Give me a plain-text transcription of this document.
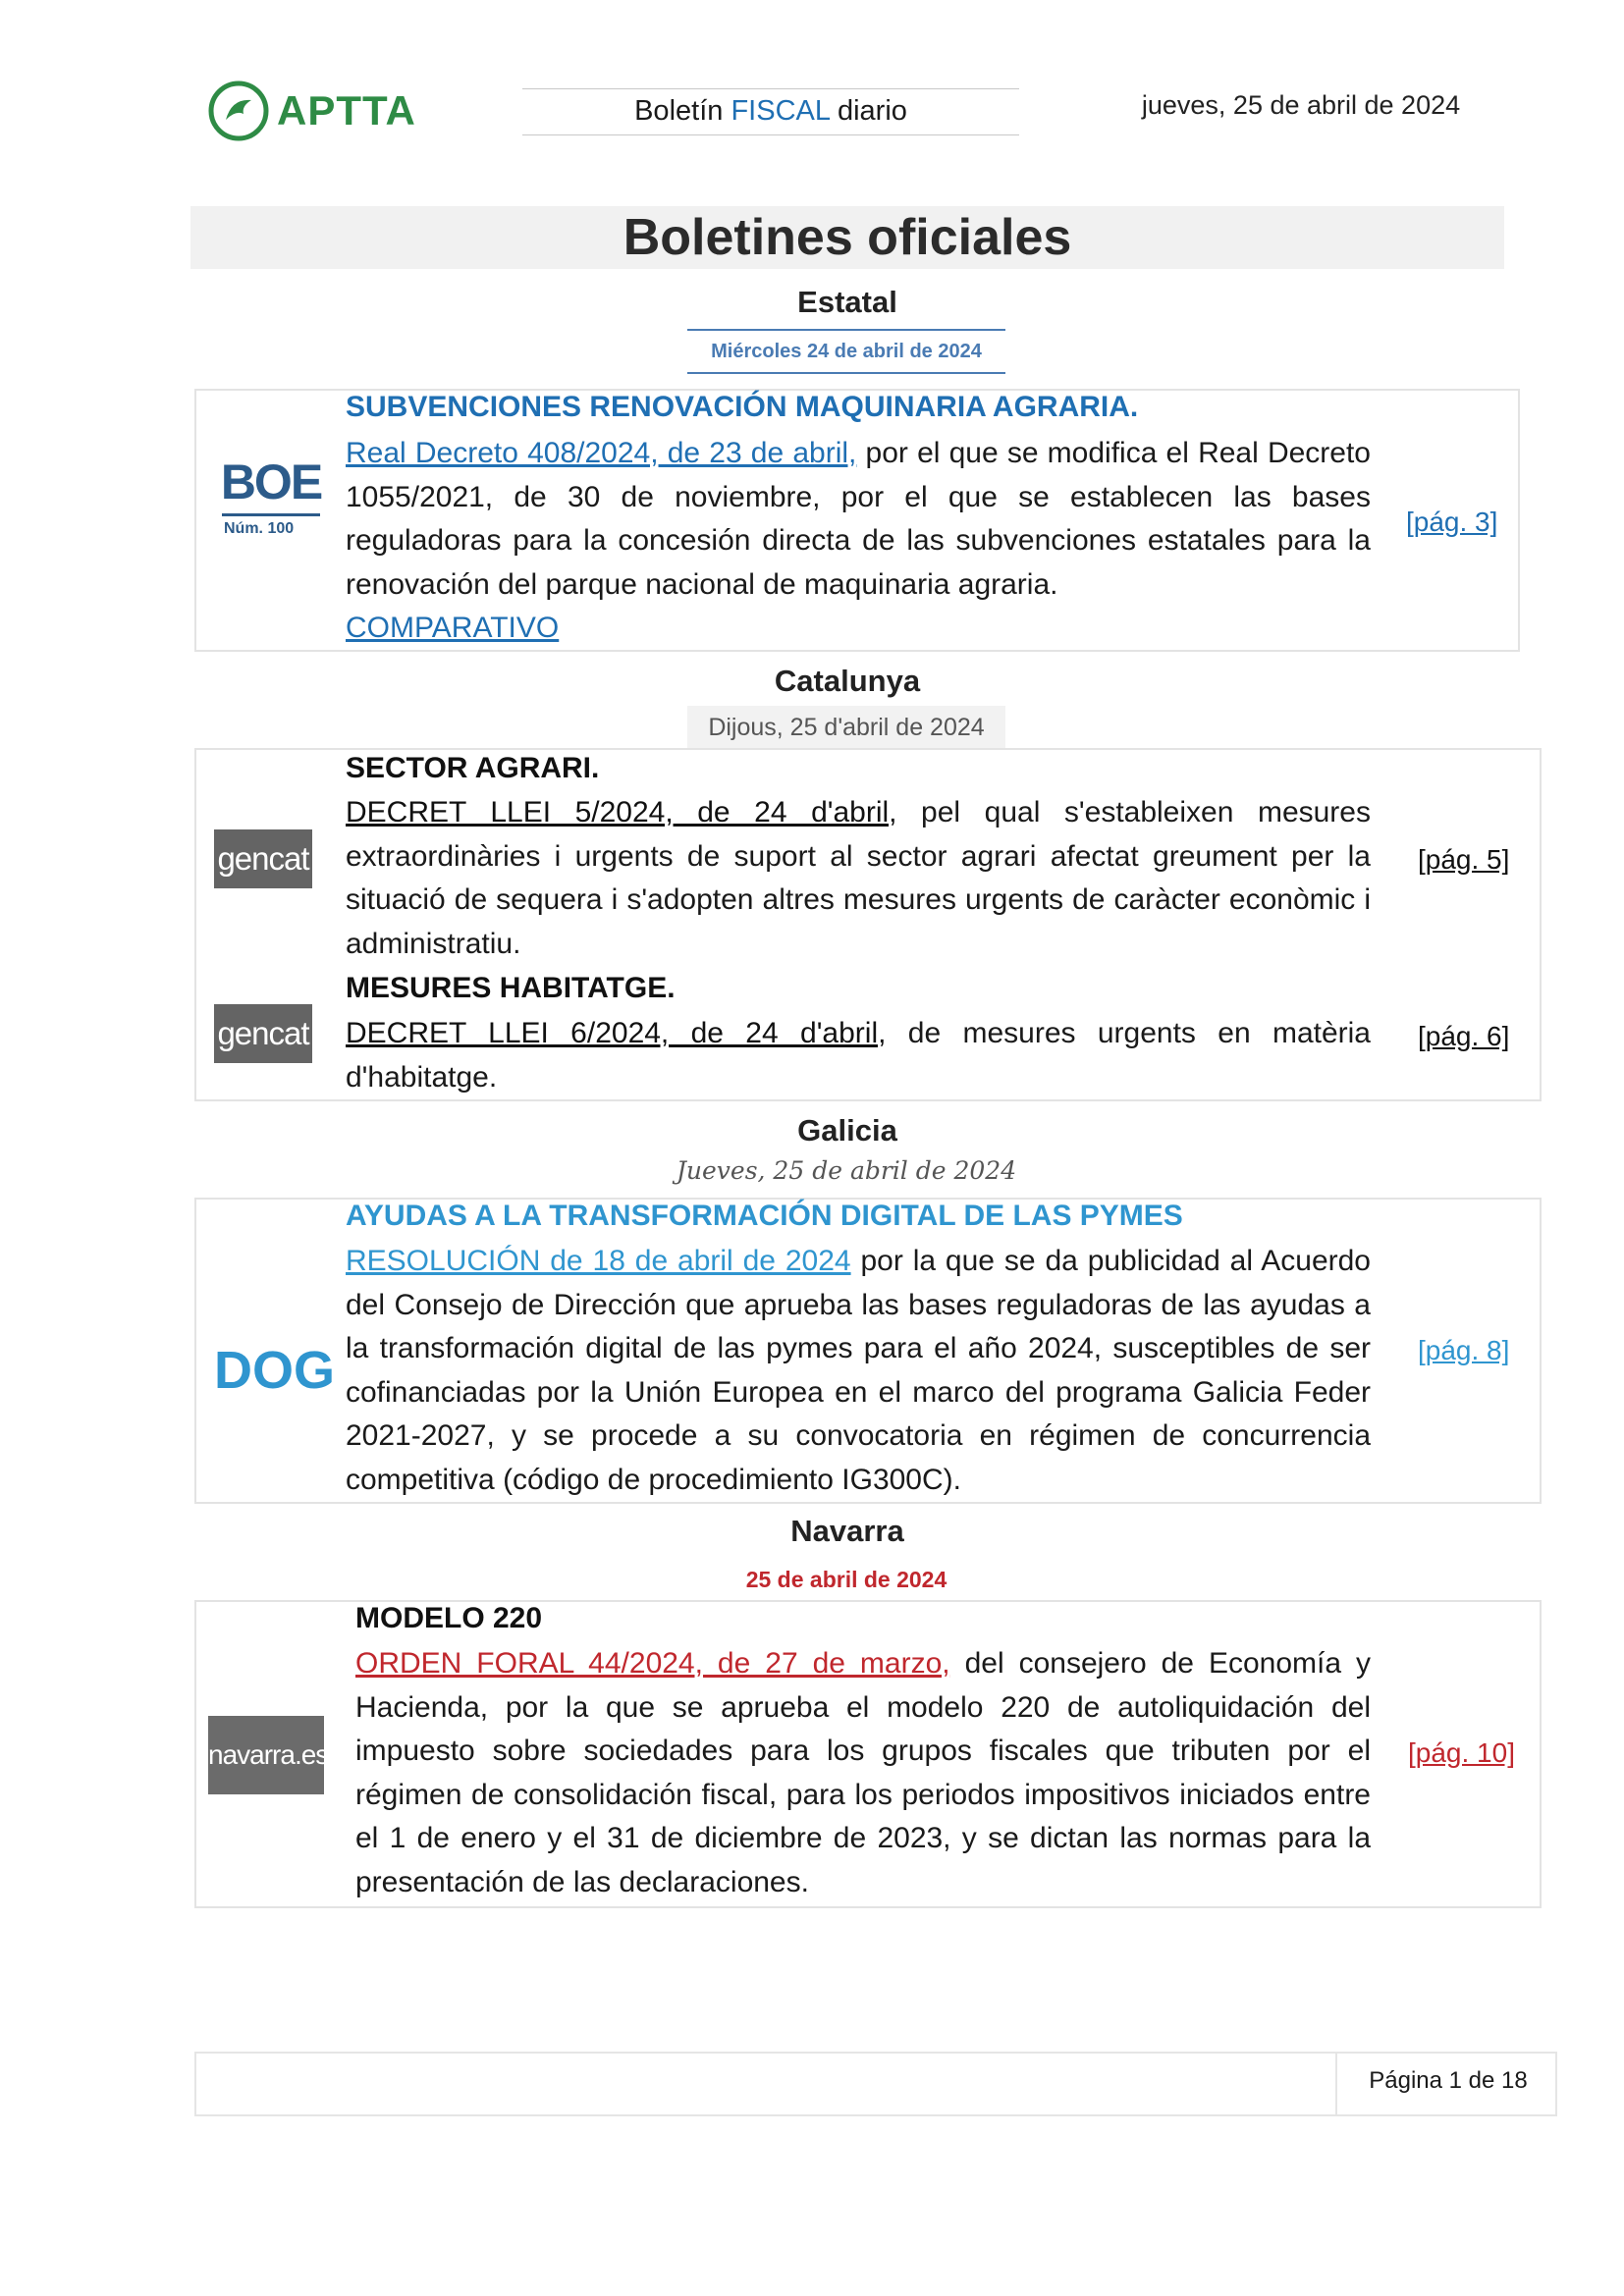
APTTA	Boletín FISCAL diario	jueves, 25 de abril de 2024
Boletines oficiales
Estatal
Miércoles 24 de abril de 2024
BOE
Núm. 100
SUBVENCIONES RENOVACIÓN MAQUINARIA AGRARIA.
Real Decreto 408/2024, de 23 de abril, por el que se modifica el Real Decreto 1055/2021, de 30 de noviembre, por el que se establecen las bases reguladoras para la concesión directa de las subvenciones estatales para la renovación del parque nacional de maquinaria agraria.
COMPARATIVO
[pág. 3]
Catalunya
Dijous, 25 d'abril de 2024
gencat
SECTOR AGRARI.
DECRET LLEI 5/2024, de 24 d'abril, pel qual s'estableixen mesures extraordinàries i urgents de suport al sector agrari afectat greument per la situació de sequera i s'adopten altres mesures urgents de caràcter econòmic i administratiu.
[pág. 5]
gencat
MESURES HABITATGE.
DECRET LLEI 6/2024, de 24 d'abril, de mesures urgents en matèria d'habitatge.
[pág. 6]
Galicia
Jueves, 25 de abril de 2024
DOG
AYUDAS A LA TRANSFORMACIÓN DIGITAL DE LAS PYMES
RESOLUCIÓN de 18 de abril de 2024 por la que se da publicidad al Acuerdo del Consejo de Dirección que aprueba las bases reguladoras de las ayudas a la transformación digital de las pymes para el año 2024, susceptibles de ser cofinanciadas por la Unión Europea en el marco del programa Galicia Feder 2021-2027, y se procede a su convocatoria en régimen de concurrencia competitiva (código de procedimiento IG300C).
[pág. 8]
Navarra
25 de abril de 2024
navarra.es
MODELO 220
ORDEN FORAL 44/2024, de 27 de marzo, del consejero de Economía y Hacienda, por la que se aprueba el modelo 220 de autoliquidación del impuesto sobre sociedades para los grupos fiscales que tributen por el régimen de consolidación fiscal, para los periodos impositivos iniciados entre el 1 de enero y el 31 de diciembre de 2023, y se dictan las normas para la presentación de las declaraciones.
[pág. 10]
Página 1 de 18
